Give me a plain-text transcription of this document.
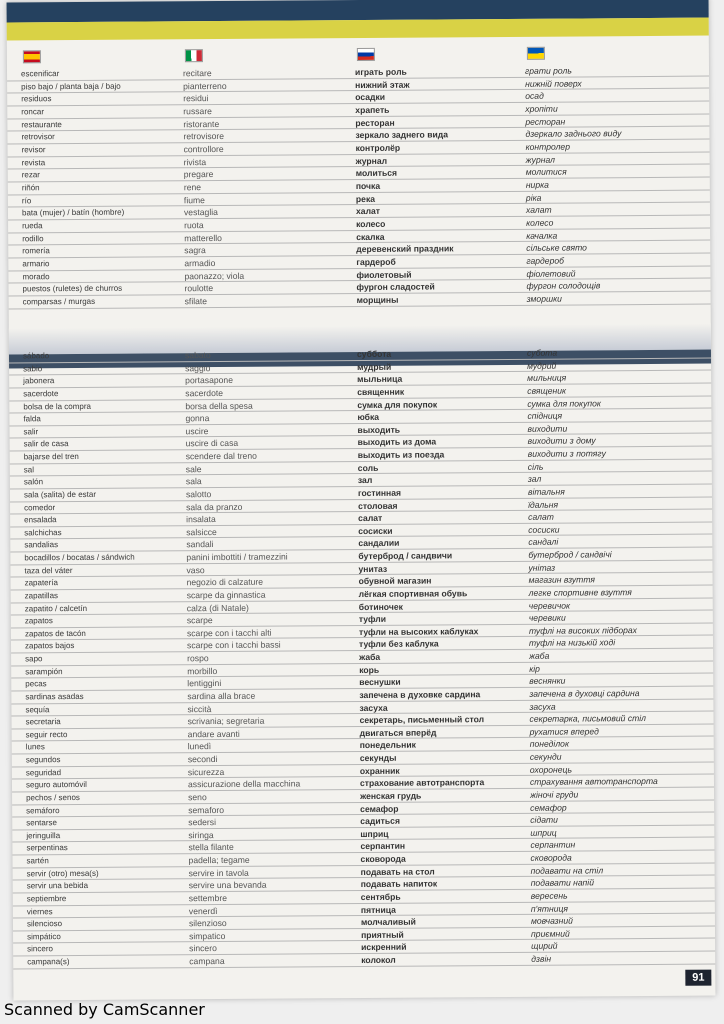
escenificar	recitare	играть роль	грати роль
piso bajo / planta baja / bajo	pianterreno	нижний этаж	нижній поверх
residuos	residui	осадки	осад
roncar	russare	храпеть	хропіти
restaurante	ristorante	ресторан	ресторан
retrovisor	retrovisore	зеркало заднего вида	дзеркало заднього виду
revisor	controllore	контролёр	контролер
revista	rivista	журнал	журнал
rezar	pregare	молиться	молитися
riñón	rene	почка	нирка
río	fiume	река	ріка
bata (mujer) / batín (hombre)	vestaglia	халат	халат
rueda	ruota	колесо	колесо
rodillo	matterello	скалка	качалка
romería	sagra	деревенский праздник	сільське свято
armario	armadio	гардероб	гардероб
morado	paonazzo; viola	фиолетовый	фіолетовий
puestos (ruletes) de churros	roulotte	фургон сладостей	фургон солодощів
comparsas / murgas	sfilate	морщины	зморшки
sábado	sabato	суббота	субота
sabio	saggio	мудрый	мудрий
jabonera	portasapone	мыльница	мильниця
sacerdote	sacerdote	священник	священик
bolsa de la compra	borsa della spesa	сумка для покупок	сумка для покупок
falda	gonna	юбка	спідниця
salir	uscire	выходить	виходити
salir de casa	uscire di casa	выходить из дома	виходити з дому
bajarse del tren	scendere dal treno	выходить из поезда	виходити з потягу
sal	sale	соль	сіль
salón	sala	зал	зал
sala (salita) de estar	salotto	гостинная	вітальня
comedor	sala da pranzo	столовая	їдальня
ensalada	insalata	салат	салат
salchichas	salsicce	сосиски	сосиски
sandalias	sandali	сандалии	сандалі
bocadillos / bocatas / sándwich	panini imbottiti / tramezzini	бутерброд / сандвичи	бутерброд / сандвічі
taza del váter	vaso	унитаз	унітаз
zapatería	negozio di calzature	обувной магазин	магазин взуття
zapatillas	scarpe da ginnastica	лёгкая спортивная обувь	легке спортивне взуття
zapatito / calcetín	calza (di Natale)	ботиночек	черевичок
zapatos	scarpe	туфли	черевики
zapatos de tacón	scarpe con i tacchi alti	туфли на высоких каблуках	туфлі на високих підборах
zapatos bajos	scarpe con i tacchi bassi	туфли без каблука	туфлі на низькій ході
sapo	rospo	жаба	жаба
sarampión	morbillo	корь	кір
pecas	lentiggini	веснушки	веснянки
sardinas asadas	sardina alla brace	запечена в духовке сардина	запечена в духовці сардина
sequía	siccità	засуха	засуха
secretaria	scrivania; segretaria	секретарь, письменный стол	секретарка, письмовий стіл
seguir recto	andare avanti	двигаться вперёд	рухатися вперед
lunes	lunedì	понедельник	понеділок
segundos	secondi	секунды	секунди
seguridad	sicurezza	охранник	охоронець
seguro automóvil	assicurazione della macchina	страхование автотранспорта	страхування автотранспорта
pechos / senos	seno	женская грудь	жіночі груди
semáforo	semaforo	семафор	семафор
sentarse	sedersi	садиться	сідати
jeringuilla	siringa	шприц	шприц
serpentinas	stella filante	серпантин	серпантин
sartén	padella; tegame	сковорода	сковорода
servir (otro) mesa(s)	servire in tavola	подавать на стол	подавати на стіл
servir una bebida	servire una bevanda	подавать напиток	подавати напій
septiembre	settembre	сентябрь	вересень
viernes	venerdì	пятница	п'ятниця
silencioso	silenzioso	молчаливый	мовчазний
simpático	simpatico	приятный	приємний
sincero	sincero	искренний	щирий
campana(s)	campana	колокол	дзвін
91
Scanned by CamScanner
